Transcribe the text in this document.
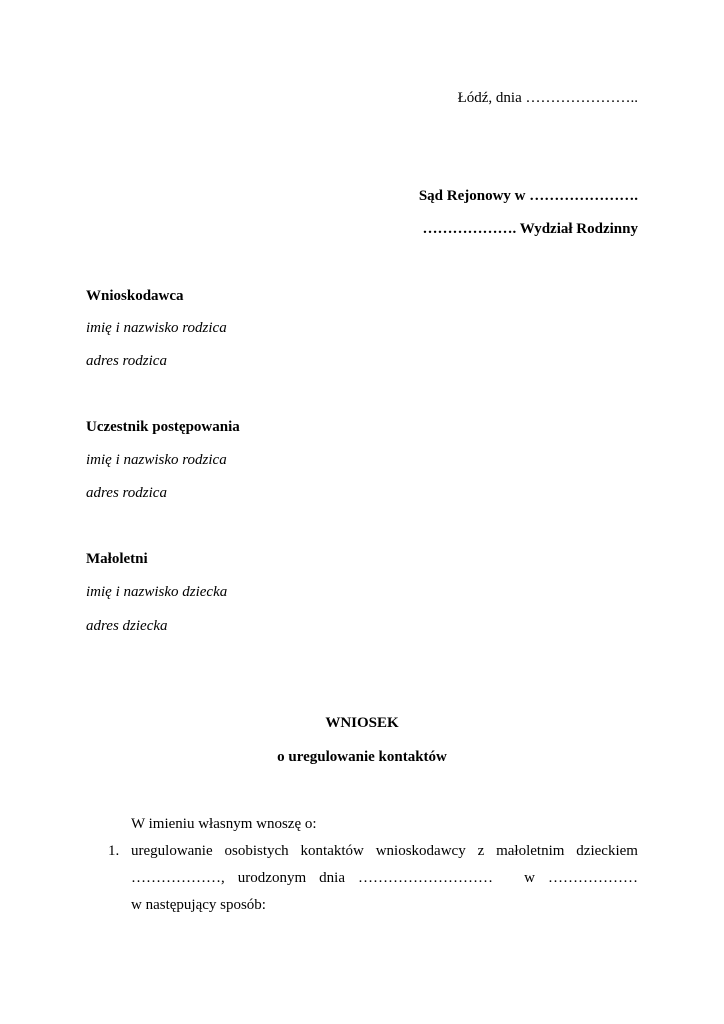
Łódź, dnia …………………..
Sąd Rejonowy w ………………….
………………. Wydział Rodzinny
Wnioskodawca
imię i nazwisko rodzica
adres rodzica
Uczestnik postępowania
imię i nazwisko rodzica
adres rodzica
Małoletni
imię i nazwisko dziecka
adres dziecka
WNIOSEK
o uregulowanie kontaktów
W imieniu własnym wnoszę o:
1. uregulowanie osobistych kontaktów wnioskodawcy z małoletnim dzieckiem
………………, urodzonym dnia ……………………… w ………………
w następujący sposób:
